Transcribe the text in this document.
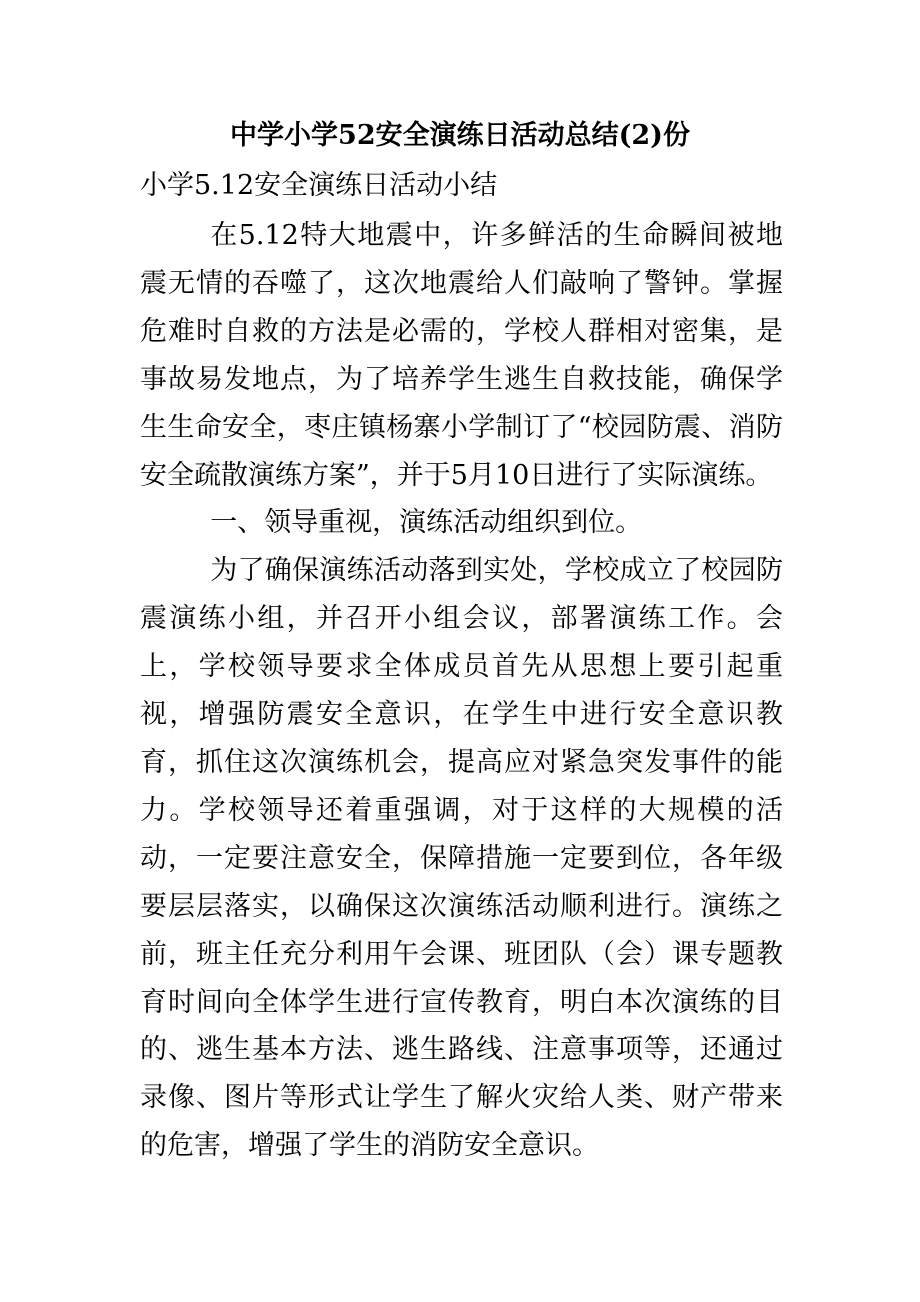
中学小学52安全演练日活动总结(2)份
小学5.12安全演练日活动小结

在5.12特大地震中，许多鲜活的生命瞬间被地震无情的吞噬了，这次地震给人们敲响了警钟。掌握危难时自救的方法是必需的，学校人群相对密集，是事故易发地点，为了培养学生逃生自救技能，确保学生生命安全，枣庄镇杨寨小学制订了“校园防震、消防安全疏散演练方案”，并于5月10日进行了实际演练。

一、领导重视，演练活动组织到位。

为了确保演练活动落到实处，学校成立了校园防震演练小组，并召开小组会议，部署演练工作。会上，学校领导要求全体成员首先从思想上要引起重视，增强防震安全意识，在学生中进行安全意识教育，抓住这次演练机会，提高应对紧急突发事件的能力。学校领导还着重强调，对于这样的大规模的活动，一定要注意安全，保障措施一定要到位，各年级要层层落实，以确保这次演练活动顺利进行。演练之前，班主任充分利用午会课、班团队（会）课专题教育时间向全体学生进行宣传教育，明白本次演练的目的、逃生基本方法、逃生路线、注意事项等，还通过录像、图片等形式让学生了解火灾给人类、财产带来的危害，增强了学生的消防安全意识。
